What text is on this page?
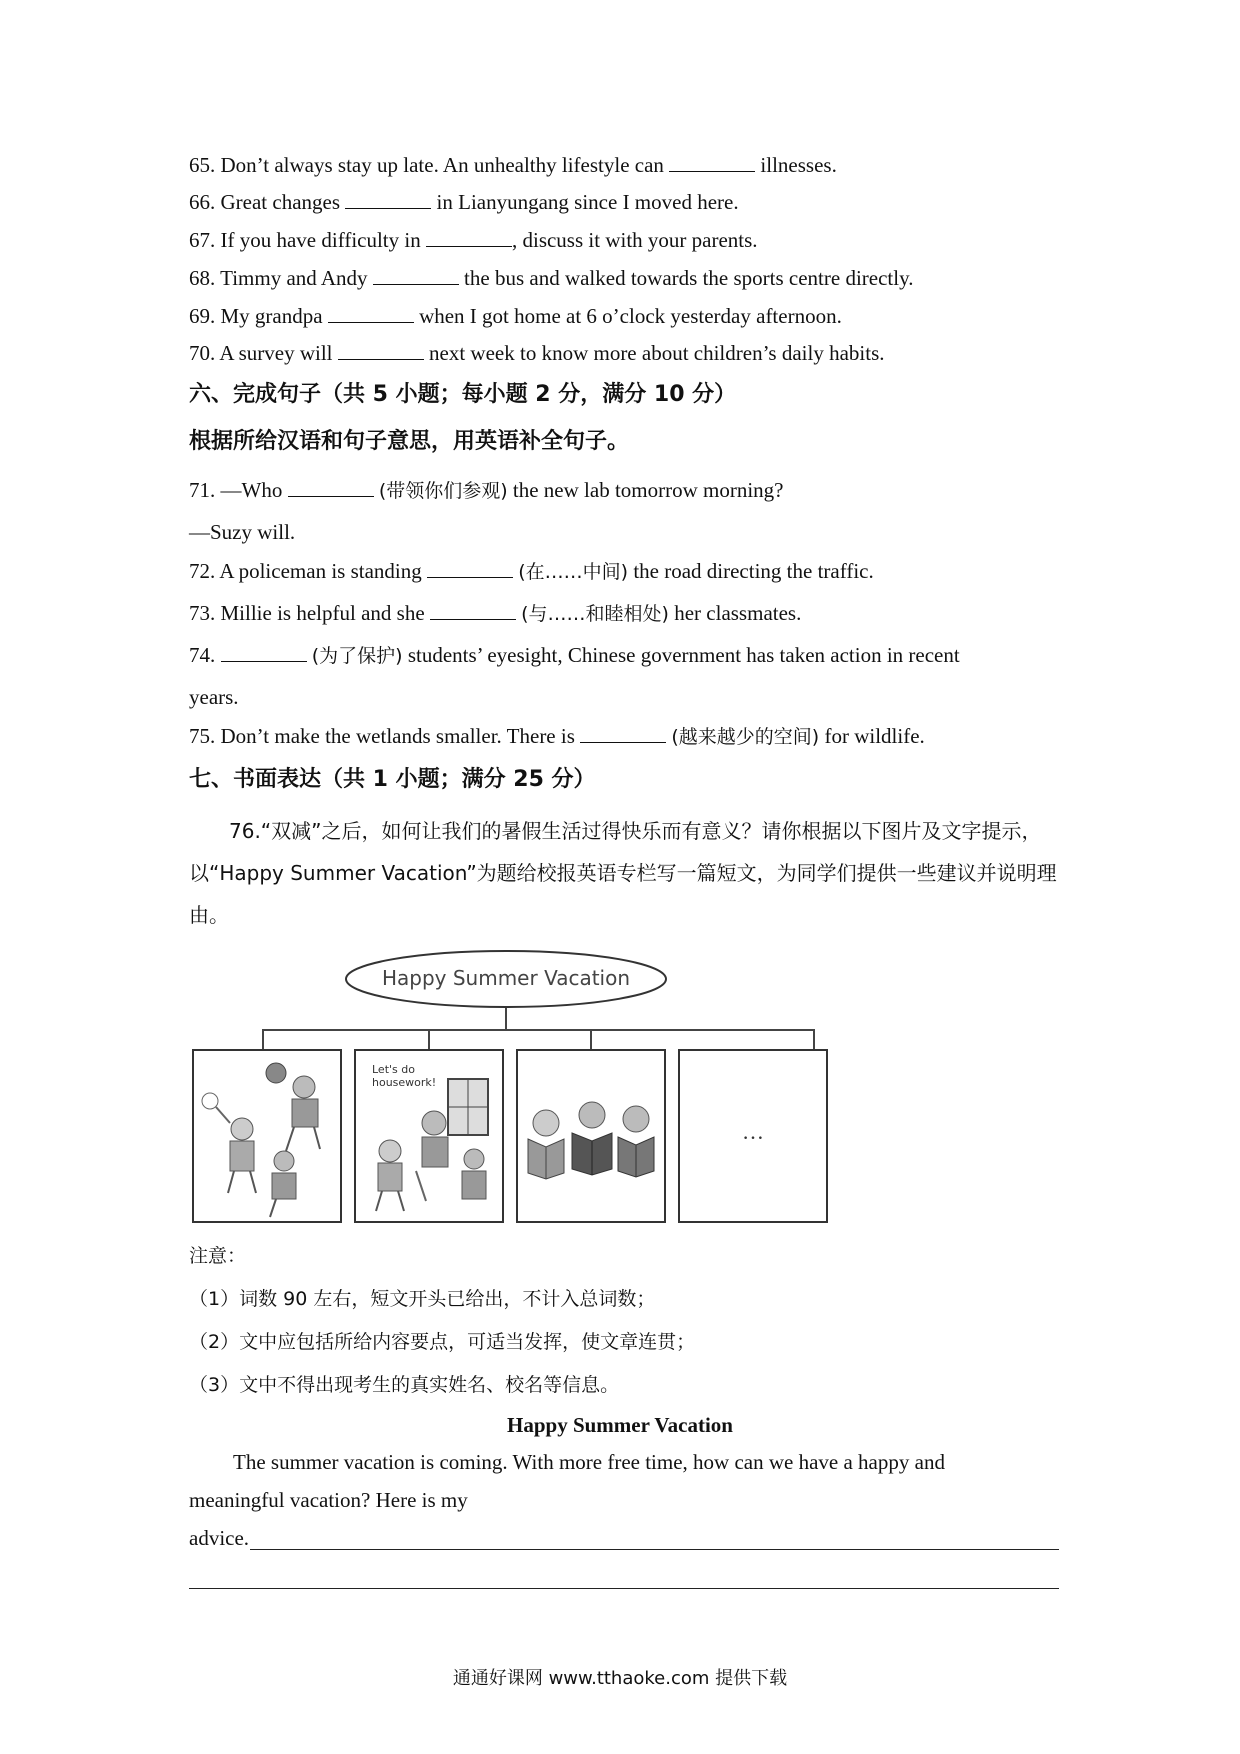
65. Don’t always stay up late. An unhealthy lifestyle can	illnesses.
66. Great changes	in Lianyungang since I moved here.
67. If you have difficulty in	, discuss it with your parents.
68. Timmy and Andy	the bus and walked towards the sports centre directly.
69. My grandpa	when I got home at 6 o’clock yesterday afternoon.
70. A survey will	next week to know more about children’s daily habits.
六、完成句子（共 5 小题；每小题 2 分，满分 10 分）
根据所给汉语和句子意思，用英语补全句子。
71. —Who	(带领你们参观) the new lab tomorrow morning?
—Suzy will.
72. A policeman is standing	(在……中间) the road directing the traffic.
73. Millie is helpful and she	(与……和睦相处) her classmates.
74.	(为了保护) students’ eyesight, Chinese government has taken action in recent
years.
75. Don’t make the wetlands smaller. There is	(越来越少的空间) for wildlife.
七、书面表达（共 1 小题；满分 25 分）
76.“双减”之后，如何让我们的暑假生活过得快乐而有意义？请你根据以下图片及文字提示，以“Happy Summer Vacation”为题给校报英语专栏写一篇短文，为同学们提供一些建议并说明理由。
Happy Summer Vacation
Let's do housework!
…
注意：
（1）词数 90 左右，短文开头已给出，不计入总词数；
（2）文中应包括所给内容要点，可适当发挥，使文章连贯；
（3）文中不得出现考生的真实姓名、校名等信息。
Happy Summer Vacation
The summer vacation is coming. With more free time, how can we have a happy and
meaningful vacation? Here is my
advice.
通通好课网 www.tthaoke.com 提供下载
